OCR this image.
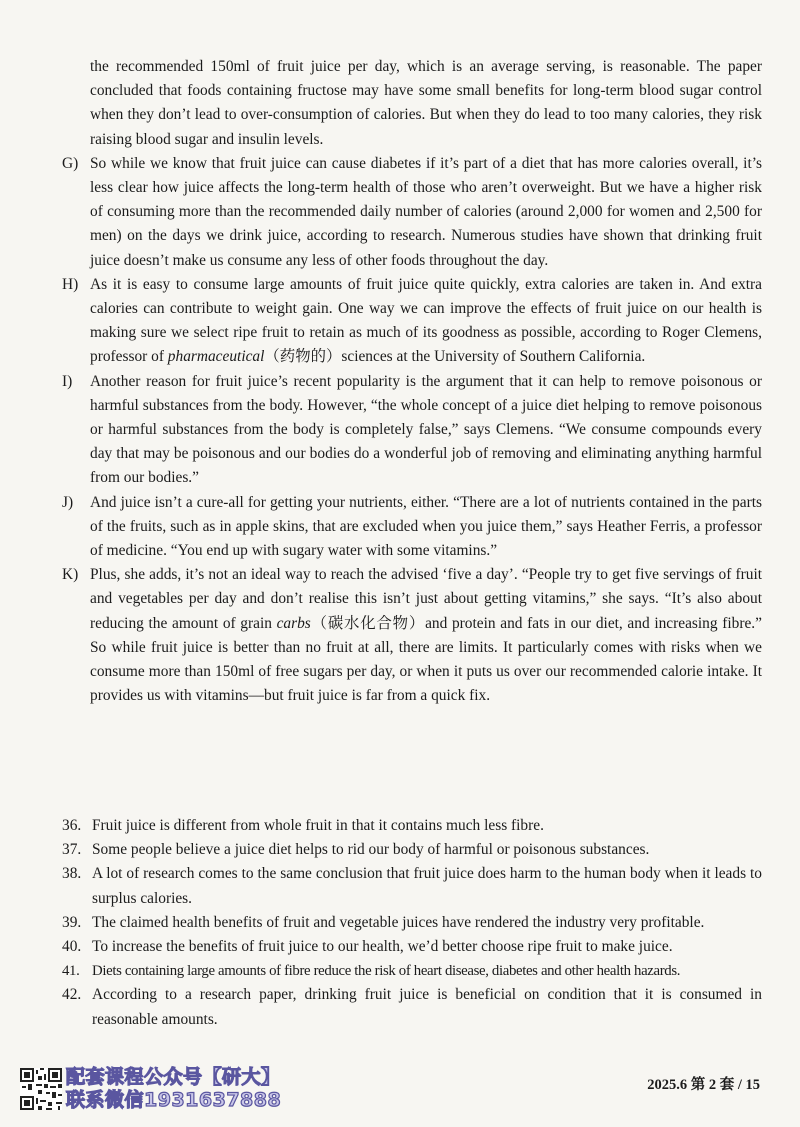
the recommended 150ml of fruit juice per day, which is an average serving, is reasonable. The paper concluded that foods containing fructose may have some small benefits for long-term blood sugar control when they don’t lead to over-consumption of calories. But when they do lead to too many calories, they risk raising blood sugar and insulin levels.

G) So while we know that fruit juice can cause diabetes if it’s part of a diet that has more calories overall, it’s less clear how juice affects the long-term health of those who aren’t overweight. But we have a higher risk of consuming more than the recommended daily number of calories (around 2,000 for women and 2,500 for men) on the days we drink juice, according to research. Numerous studies have shown that drinking fruit juice doesn’t make us consume any less of other foods throughout the day.

H) As it is easy to consume large amounts of fruit juice quite quickly, extra calories are taken in. And extra calories can contribute to weight gain. One way we can improve the effects of fruit juice on our health is making sure we select ripe fruit to retain as much of its goodness as possible, according to Roger Clemens, professor of pharmaceutical（药物的）sciences at the University of Southern California.

I) Another reason for fruit juice’s recent popularity is the argument that it can help to remove poisonous or harmful substances from the body. However, “the whole concept of a juice diet helping to remove poisonous or harmful substances from the body is completely false,” says Clemens. “We consume compounds every day that may be poisonous and our bodies do a wonderful job of removing and eliminating anything harmful from our bodies.”

J) And juice isn’t a cure-all for getting your nutrients, either. “There are a lot of nutrients contained in the parts of the fruits, such as in apple skins, that are excluded when you juice them,” says Heather Ferris, a professor of medicine. “You end up with sugary water with some vitamins.”

K) Plus, she adds, it’s not an ideal way to reach the advised ‘five a day’. “People try to get five servings of fruit and vegetables per day and don’t realise this isn’t just about getting vitamins,” she says. “It’s also about reducing the amount of grain carbs（碳水化合物）and protein and fats in our diet, and increasing fibre.” So while fruit juice is better than no fruit at all, there are limits. It particularly comes with risks when we consume more than 150ml of free sugars per day, or when it puts us over our recommended calorie intake. It provides us with vitamins—but fruit juice is far from a quick fix.

36. Fruit juice is different from whole fruit in that it contains much less fibre.

37. Some people believe a juice diet helps to rid our body of harmful or poisonous substances.

38. A lot of research comes to the same conclusion that fruit juice does harm to the human body when it leads to surplus calories.

39. The claimed health benefits of fruit and vegetable juices have rendered the industry very profitable.

40. To increase the benefits of fruit juice to our health, we’d better choose ripe fruit to make juice.

41. Diets containing large amounts of fibre reduce the risk of heart disease, diabetes and other health hazards.

42. According to a research paper, drinking fruit juice is beneficial on condition that it is consumed in reasonable amounts.

配套课程公众号【研大】
联系微信1931637888
2025.6 第 2 套 / 15
